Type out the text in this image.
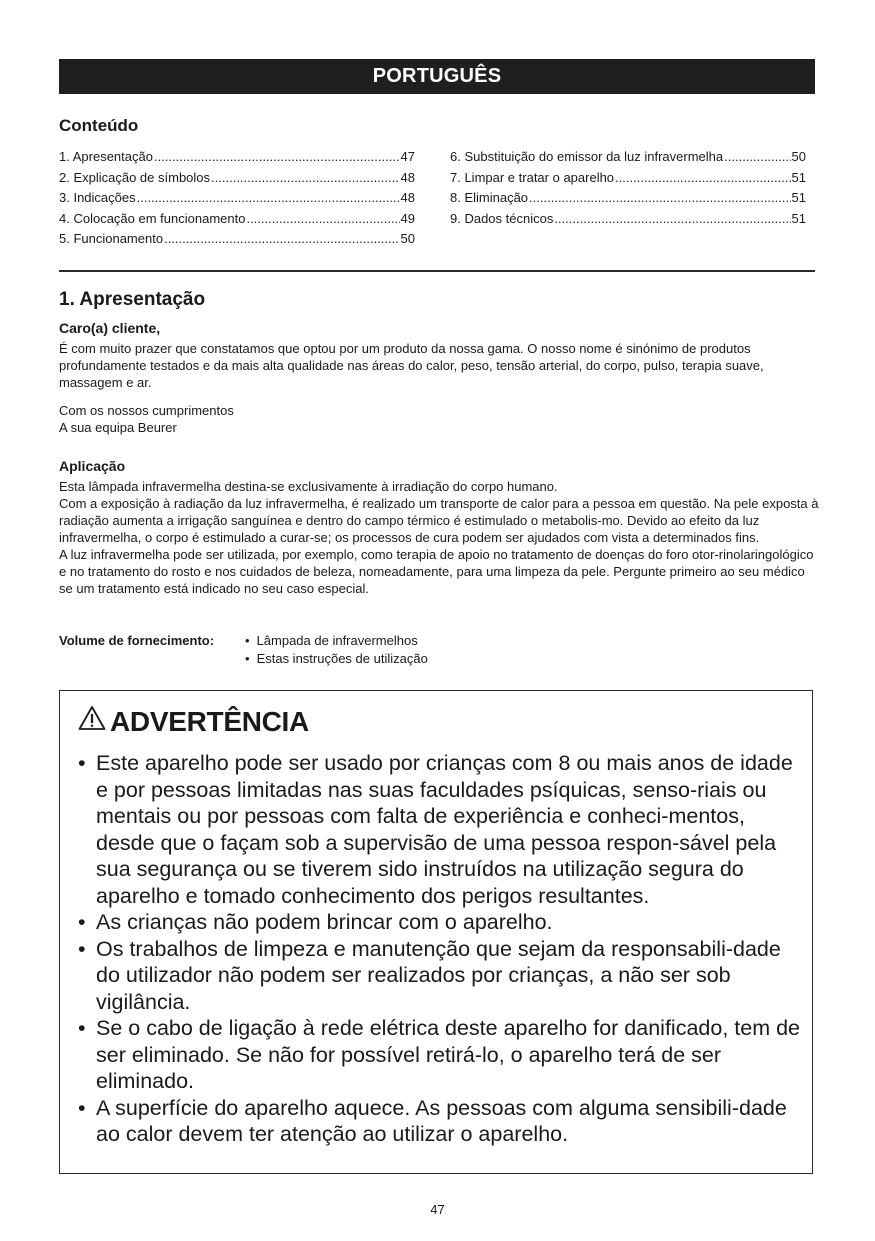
PORTUGUÊS
Conteúdo
1. Apresentação .....	47
2. Explicação de símbolos .....	48
3. Indicações .....	48
4. Colocação em funcionamento .....	49
5. Funcionamento .....	50
6. Substituição do emissor da luz infravermelha .....	50
7. Limpar e tratar o aparelho .....	51
8. Eliminação .....	51
9. Dados técnicos .....	51
1. Apresentação
Caro(a) cliente,

É com muito prazer que constatamos que optou por um produto da nossa gama. O nosso nome é sinónimo de produtos profundamente testados e da mais alta qualidade nas áreas do calor, peso, tensão arterial, do corpo, pulso, terapia suave, massagem e ar.

Com os nossos cumprimentos

A sua equipa Beurer

Aplicação

Esta lâmpada infravermelha destina-se exclusivamente à irradiação do corpo humano.

Com a exposição à radiação da luz infravermelha, é realizado um transporte de calor para a pessoa em questão. Na pele exposta à radiação aumenta a irrigação sanguínea e dentro do campo térmico é estimulado o metabolis-mo. Devido ao efeito da luz infravermelha, o corpo é estimulado a curar-se; os processos de cura podem ser ajudados com vista a determinados fins.

A luz infravermelha pode ser utilizada, por exemplo, como terapia de apoio no tratamento de doenças do foro otor-rinolaringológico e no tratamento do rosto e nos cuidados de beleza, nomeadamente, para uma limpeza da pele. Pergunte primeiro ao seu médico se um tratamento está indicado no seu caso especial.

Volume de fornecimento:	• Lâmpada de infravermelhos
• Estas instruções de utilização
ADVERTÊNCIA
• Este aparelho pode ser usado por crianças com 8 ou mais anos de idade e por pessoas limitadas nas suas faculdades psíquicas, senso-riais ou mentais ou por pessoas com falta de experiência e conheci-mentos, desde que o façam sob a supervisão de uma pessoa respon-sável pela sua segurança ou se tiverem sido instruídos na utilização segura do aparelho e tomado conhecimento dos perigos resultantes.
• As crianças não podem brincar com o aparelho.
• Os trabalhos de limpeza e manutenção que sejam da responsabili-dade do utilizador não podem ser realizados por crianças, a não ser sob vigilância.
• Se o cabo de ligação à rede elétrica deste aparelho for danificado, tem de ser eliminado. Se não for possível retirá-lo, o aparelho terá de ser eliminado.
• A superfície do aparelho aquece. As pessoas com alguma sensibili-dade ao calor devem ter atenção ao utilizar o aparelho.
47
